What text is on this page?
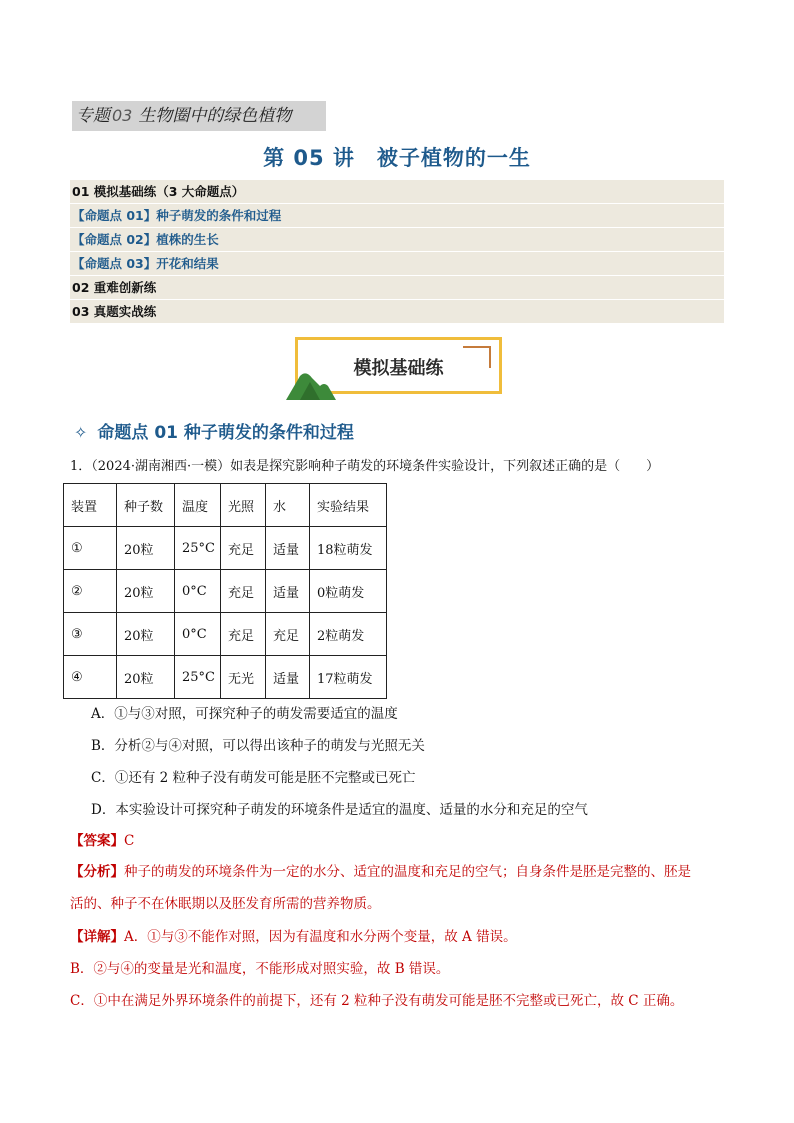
专题 03 生物圈中的绿色植物
第 05 讲　被子植物的一生
01 模拟基础练（3 大命题点）
【命题点 01】种子萌发的条件和过程
【命题点 02】植株的生长
【命题点 03】开花和结果
02 重难创新练
03 真题实战练
模拟基础练
✧ 命题点 01 种子萌发的条件和过程
1．（2024·湖南湘西·一模）如表是探究影响种子萌发的环境条件实验设计，下列叙述正确的是（　　）
装置	种子数	温度	光照	水	实验结果
①	20粒	25°C	充足	适量	18粒萌发
②	20粒	0°C	充足	适量	0粒萌发
③	20粒	0°C	充足	充足	2粒萌发
④	20粒	25°C	无光	适量	17粒萌发
A．①与③对照，可探究种子的萌发需要适宜的温度
B．分析②与④对照，可以得出该种子的萌发与光照无关
C．①还有 2 粒种子没有萌发可能是胚不完整或已死亡
D．本实验设计可探究种子萌发的环境条件是适宜的温度、适量的水分和充足的空气
【答案】C
【分析】种子的萌发的环境条件为一定的水分、适宜的温度和充足的空气；自身条件是胚是完整的、胚是
活的、种子不在休眠期以及胚发育所需的营养物质。
【详解】A．①与③不能作对照，因为有温度和水分两个变量，故 A 错误。
B．②与④的变量是光和温度，不能形成对照实验，故 B 错误。
C．①中在满足外界环境条件的前提下，还有 2 粒种子没有萌发可能是胚不完整或已死亡，故 C 正确。
